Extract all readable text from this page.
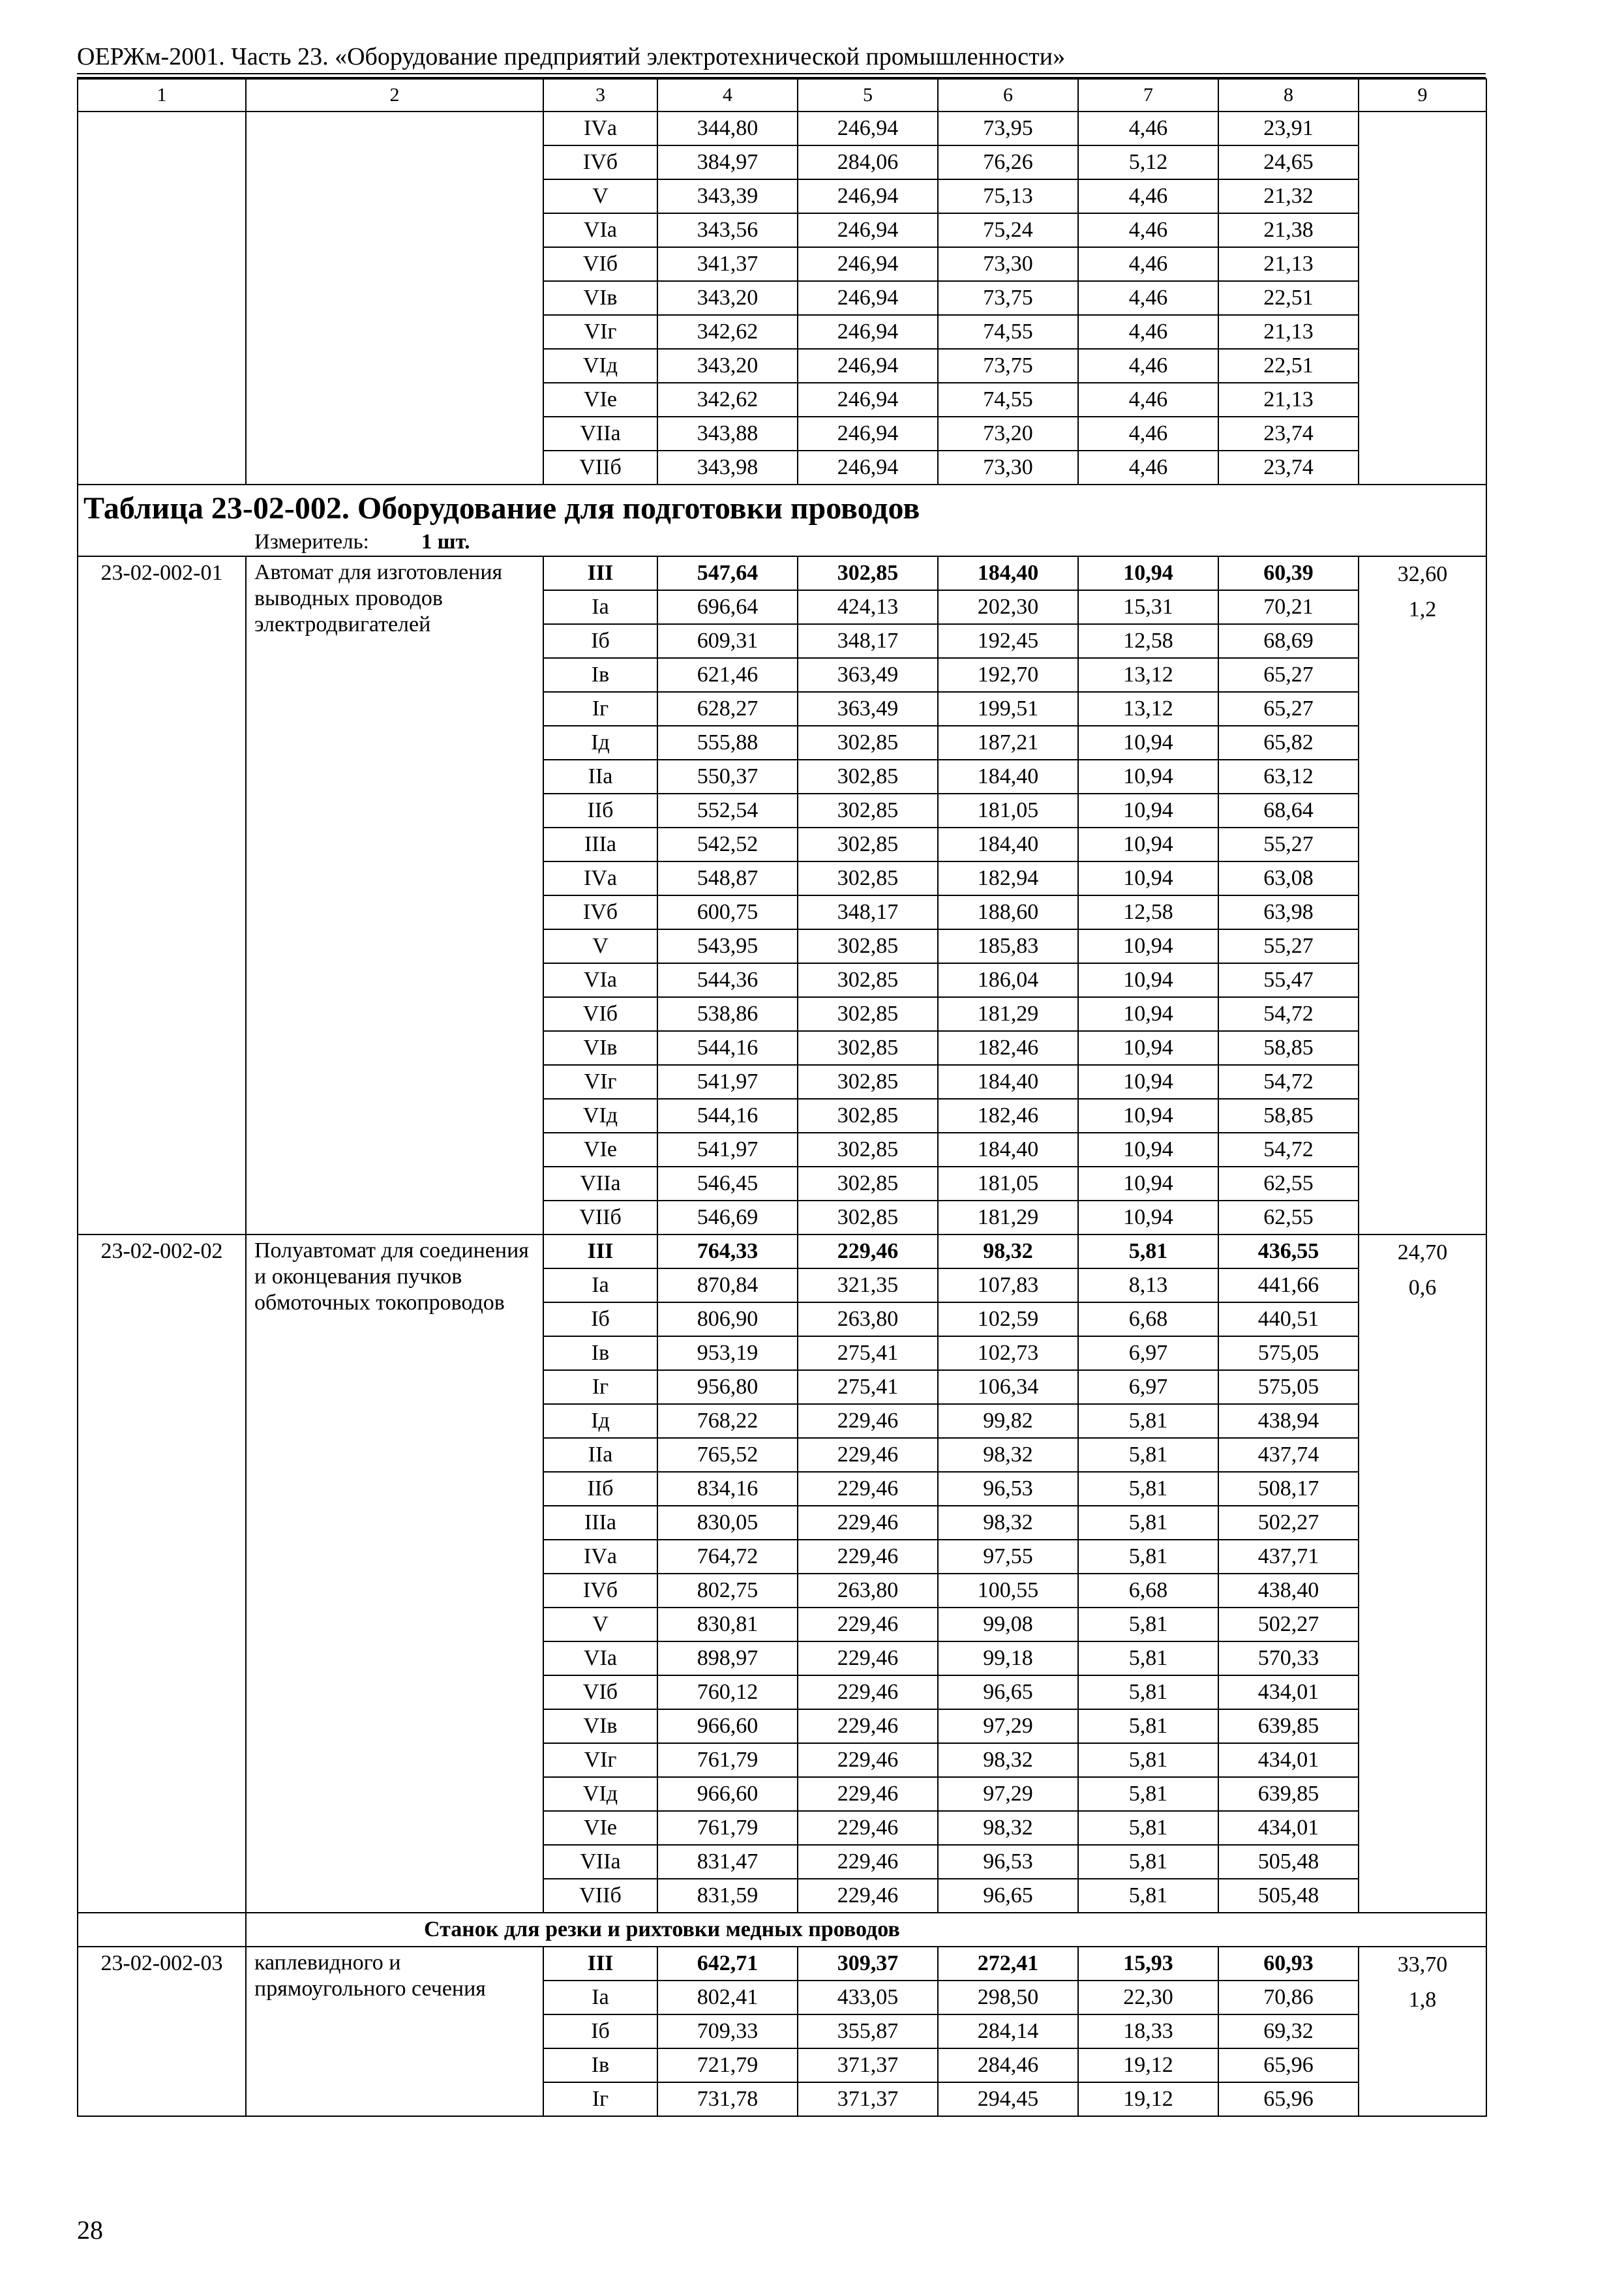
ОЕРЖм-2001. Часть 23. «Оборудование предприятий электротехнической промышленности»
1	2	3	4	5	6	7	8	9
		IVа	344,80	246,94	73,95	4,46	23,91	
		IVб	384,97	284,06	76,26	5,12	24,65	
		V	343,39	246,94	75,13	4,46	21,32	
		VIа	343,56	246,94	75,24	4,46	21,38	
		VIб	341,37	246,94	73,30	4,46	21,13	
		VIв	343,20	246,94	73,75	4,46	22,51	
		VIг	342,62	246,94	74,55	4,46	21,13	
		VIд	343,20	246,94	73,75	4,46	22,51	
		VIе	342,62	246,94	74,55	4,46	21,13	
		VIIа	343,88	246,94	73,20	4,46	23,74	
		VIIб	343,98	246,94	73,30	4,46	23,74	

Таблица 23-02-002. Оборудование для подготовки проводов
Измеритель: 1 шт.								

23-02-002-01	Автомат для изготовления выводных проводов электродвигателей	III	547,64	302,85	184,40	10,94	60,39	32,60
1,2

		Iа	696,64	424,13	202,30	15,31	70,21	
		Iб	609,31	348,17	192,45	12,58	68,69	
		Iв	621,46	363,49	192,70	13,12	65,27	
		Iг	628,27	363,49	199,51	13,12	65,27	
		Iд	555,88	302,85	187,21	10,94	65,82	
		IIа	550,37	302,85	184,40	10,94	63,12	
		IIб	552,54	302,85	181,05	10,94	68,64	
		IIIа	542,52	302,85	184,40	10,94	55,27	
		IVа	548,87	302,85	182,94	10,94	63,08	
		IVб	600,75	348,17	188,60	12,58	63,98	
		V	543,95	302,85	185,83	10,94	55,27	
		VIа	544,36	302,85	186,04	10,94	55,47	
		VIб	538,86	302,85	181,29	10,94	54,72	
		VIв	544,16	302,85	182,46	10,94	58,85	
		VIг	541,97	302,85	184,40	10,94	54,72	
		VIд	544,16	302,85	182,46	10,94	58,85	
		VIе	541,97	302,85	184,40	10,94	54,72	
		VIIа	546,45	302,85	181,05	10,94	62,55	
		VIIб	546,69	302,85	181,29	10,94	62,55	
23-02-002-02	Полуавтомат для соединения и оконцевания пучков обмоточных токопроводов	III	764,33	229,46	98,32	5,81	436,55	24,70
0,6

		Iа	870,84	321,35	107,83	8,13	441,66	
		Iб	806,90	263,80	102,59	6,68	440,51	
		Iв	953,19	275,41	102,73	6,97	575,05	
		Iг	956,80	275,41	106,34	6,97	575,05	
		Iд	768,22	229,46	99,82	5,81	438,94	
		IIа	765,52	229,46	98,32	5,81	437,74	
		IIб	834,16	229,46	96,53	5,81	508,17	
		IIIа	830,05	229,46	98,32	5,81	502,27	
		IVа	764,72	229,46	97,55	5,81	437,71	
		IVб	802,75	263,80	100,55	6,68	438,40	
		V	830,81	229,46	99,08	5,81	502,27	
		VIа	898,97	229,46	99,18	5,81	570,33	
		VIб	760,12	229,46	96,65	5,81	434,01	
		VIв	966,60	229,46	97,29	5,81	639,85	
		VIг	761,79	229,46	98,32	5,81	434,01	
		VIд	966,60	229,46	97,29	5,81	639,85	
		VIе	761,79	229,46	98,32	5,81	434,01	
		VIIа	831,47	229,46	96,53	5,81	505,48	
		VIIб	831,59	229,46	96,65	5,81	505,48	
	Станок для резки и рихтовки медных проводов							
23-02-002-03	каплевидного и прямоугольного сечения	III	642,71	309,37	272,41	15,93	60,93	33,70
1,8

		Iа	802,41	433,05	298,50	22,30	70,86	
		Iб	709,33	355,87	284,14	18,33	69,32	
		Iв	721,79	371,37	284,46	19,12	65,96	
		Iг	731,78	371,37	294,45	19,12	65,96	
28
